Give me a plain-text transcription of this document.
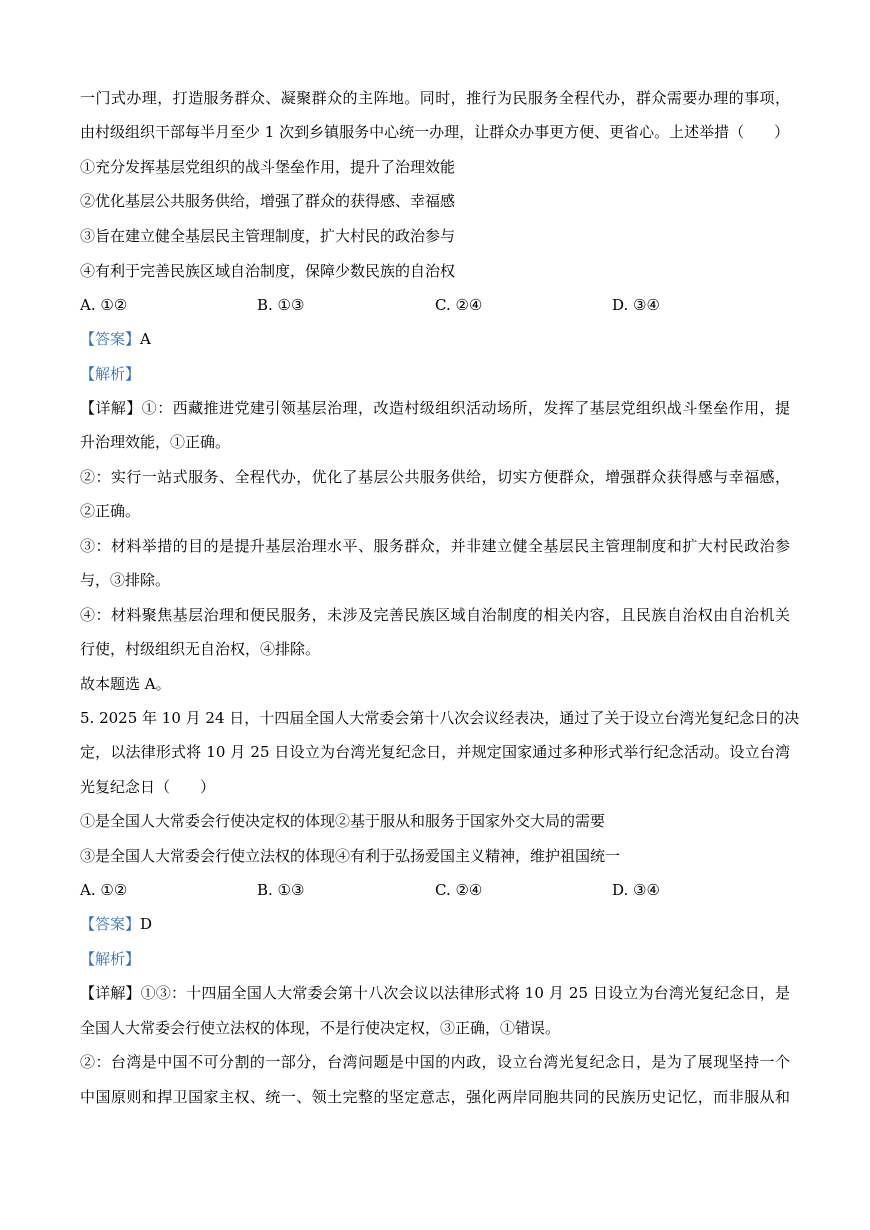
一门式办理，打造服务群众、凝聚群众的主阵地。同时，推行为民服务全程代办，群众需要办理的事项，
由村级组织干部每半月至少 1 次到乡镇服务中心统一办理，让群众办事更方便、更省心。上述举措（　　）
①充分发挥基层党组织的战斗堡垒作用，提升了治理效能
②优化基层公共服务供给，增强了群众的获得感、幸福感
③旨在建立健全基层民主管理制度，扩大村民的政治参与
④有利于完善民族区域自治制度，保障少数民族的自治权
A. ①②	B. ①③	C. ②④	D. ③④
【答案】A
【解析】
【详解】①：西藏推进党建引领基层治理，改造村级组织活动场所，发挥了基层党组织战斗堡垒作用，提
升治理效能，①正确。
②：实行一站式服务、全程代办，优化了基层公共服务供给，切实方便群众，增强群众获得感与幸福感，
②正确。
③：材料举措的目的是提升基层治理水平、服务群众，并非建立健全基层民主管理制度和扩大村民政治参
与，③排除。
④：材料聚焦基层治理和便民服务，未涉及完善民族区域自治制度的相关内容，且民族自治权由自治机关
行使，村级组织无自治权，④排除。
故本题选 A。
5. 2025 年 10 月 24 日，十四届全国人大常委会第十八次会议经表决，通过了关于设立台湾光复纪念日的决
定，以法律形式将 10 月 25 日设立为台湾光复纪念日，并规定国家通过多种形式举行纪念活动。设立台湾
光复纪念日（　　）
①是全国人大常委会行使决定权的体现②基于服从和服务于国家外交大局的需要
③是全国人大常委会行使立法权的体现④有利于弘扬爱国主义精神，维护祖国统一
A. ①②	B. ①③	C. ②④	D. ③④
【答案】D
【解析】
【详解】①③：十四届全国人大常委会第十八次会议以法律形式将 10 月 25 日设立为台湾光复纪念日，是
全国人大常委会行使立法权的体现，不是行使决定权，③正确，①错误。
②：台湾是中国不可分割的一部分，台湾问题是中国的内政，设立台湾光复纪念日，是为了展现坚持一个
中国原则和捍卫国家主权、统一、领土完整的坚定意志，强化两岸同胞共同的民族历史记忆，而非服从和
